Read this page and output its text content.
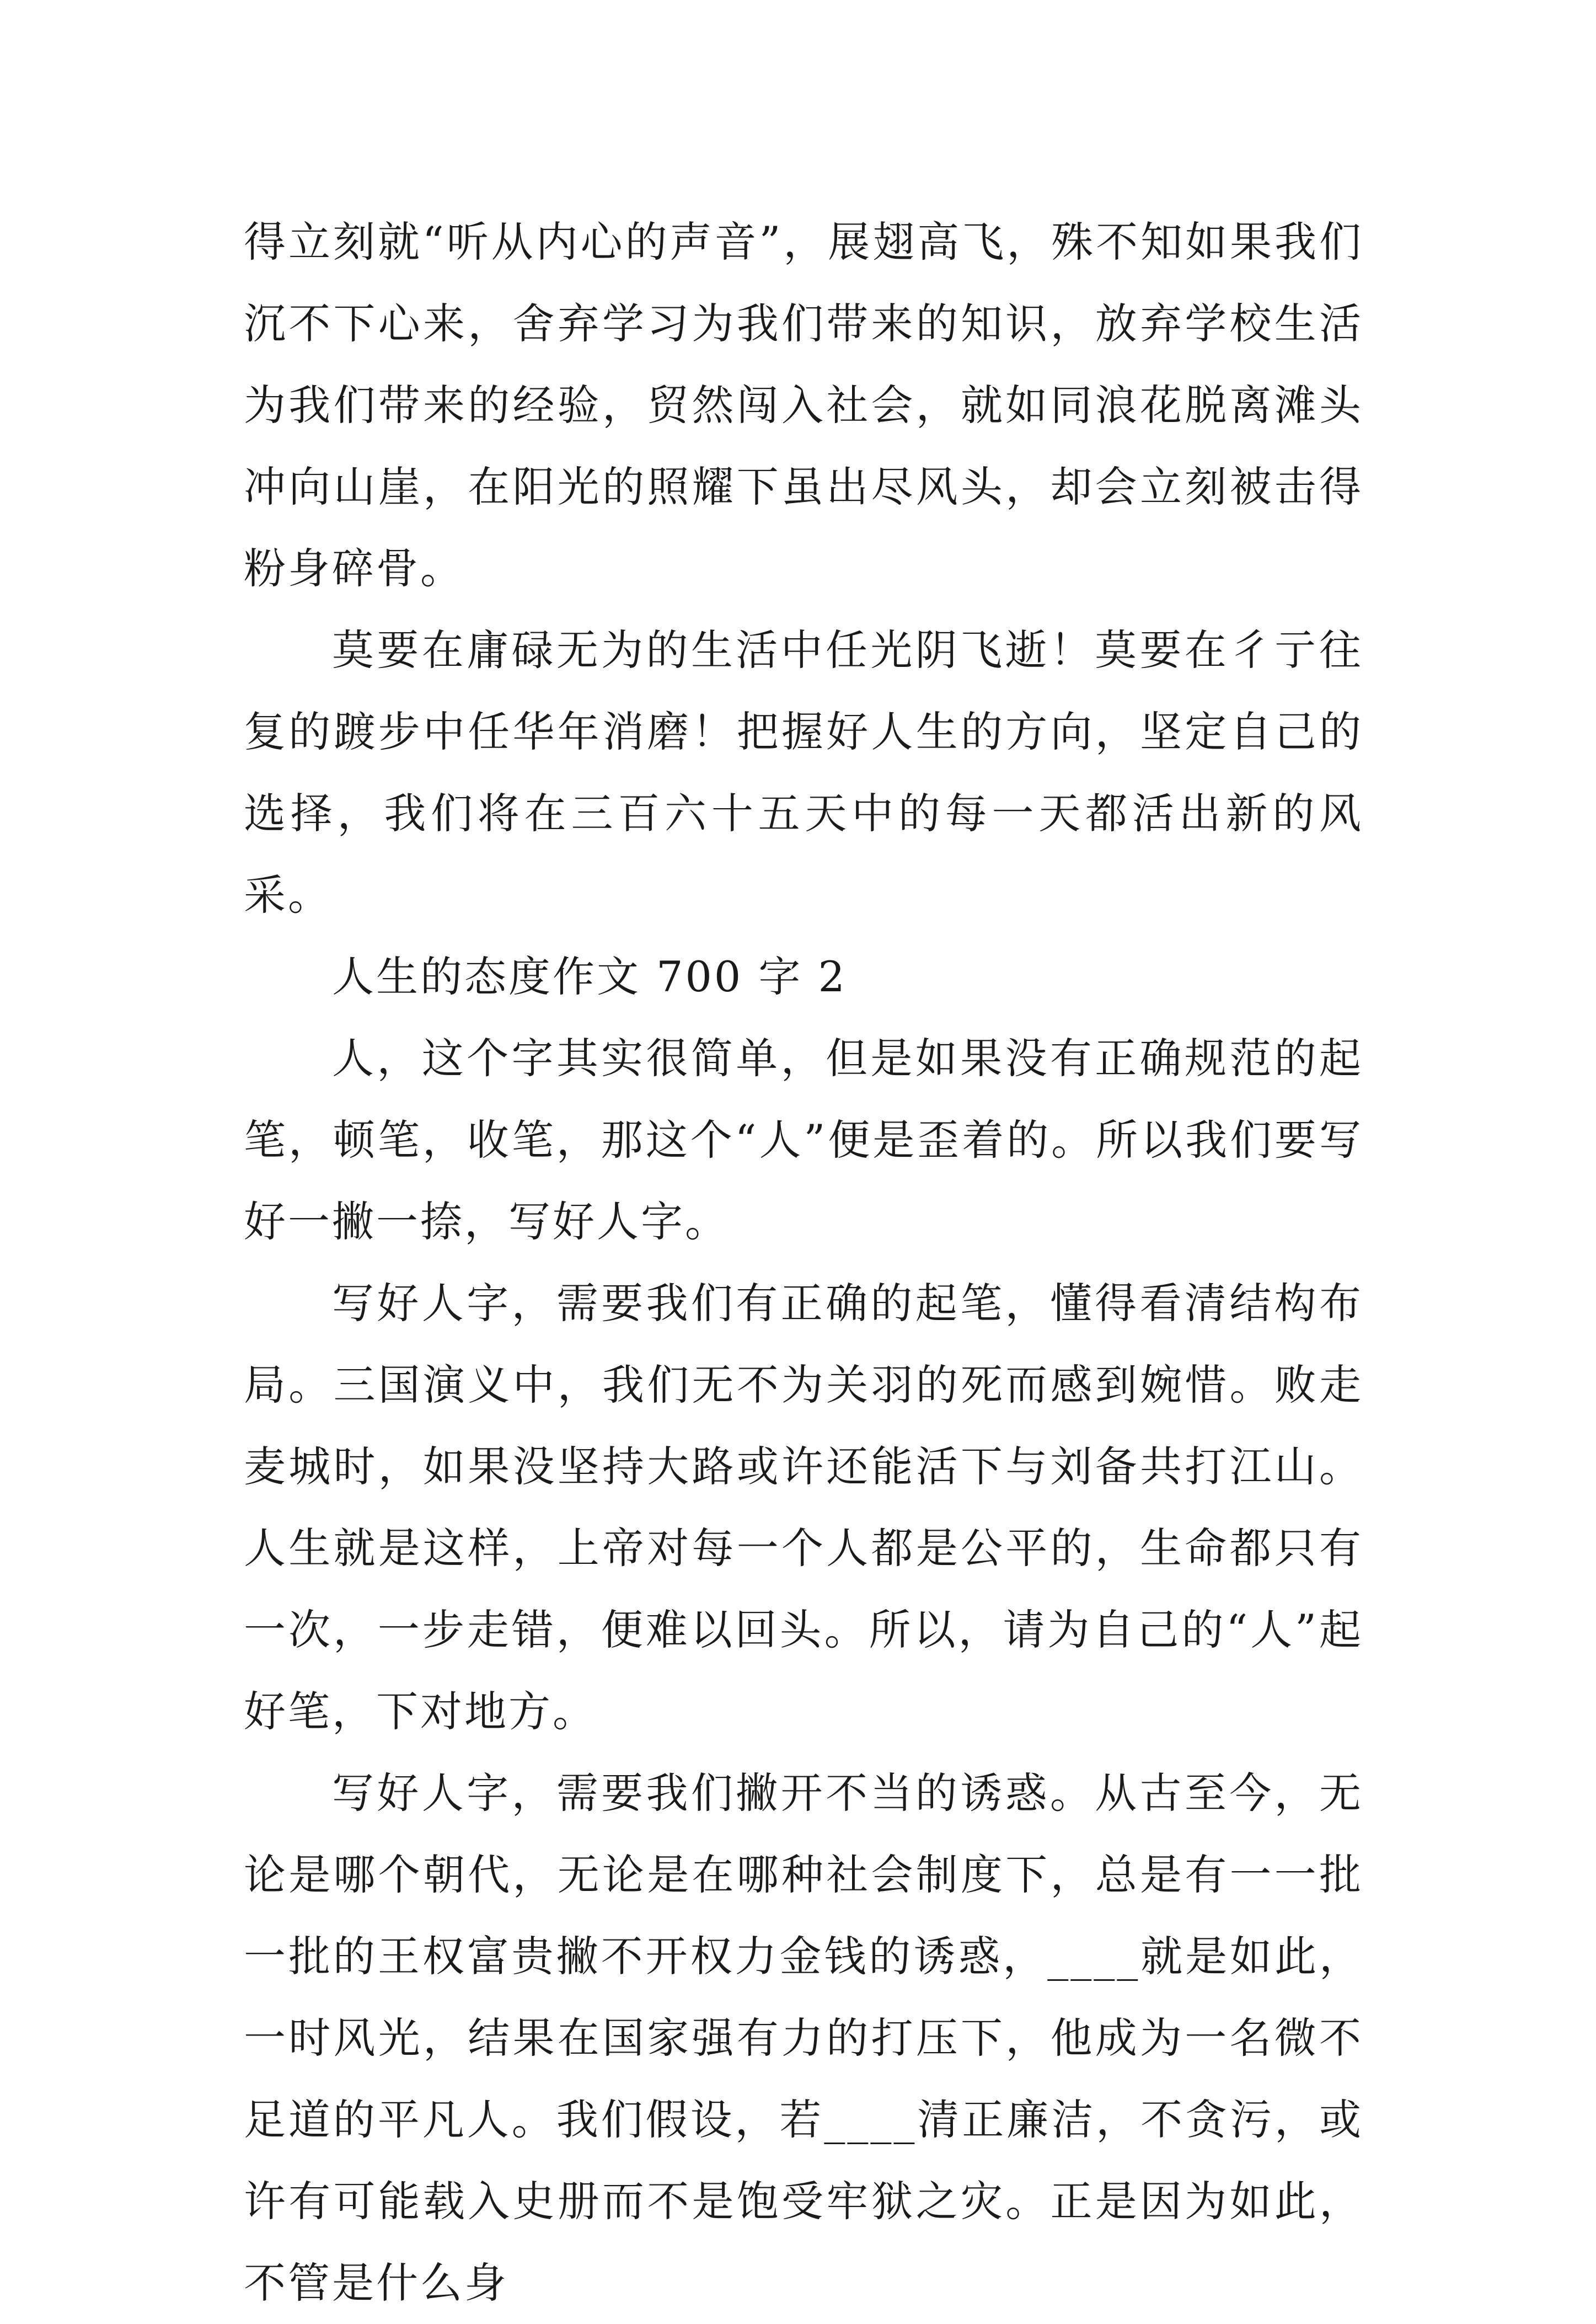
得立刻就“听从内心的声音”，展翅高飞，殊不知如果我们沉不下心来，舍弃学习为我们带来的知识，放弃学校生活为我们带来的经验，贸然闯入社会，就如同浪花脱离滩头冲向山崖，在阳光的照耀下虽出尽风头，却会立刻被击得粉身碎骨。

莫要在庸碌无为的生活中任光阴飞逝！莫要在彳亍往复的踱步中任华年消磨！把握好人生的方向，坚定自己的选择，我们将在三百六十五天中的每一天都活出新的风采。

人生的态度作文 700 字 2

人，这个字其实很简单，但是如果没有正确规范的起笔，顿笔，收笔，那这个“人”便是歪着的。所以我们要写好一撇一捺，写好人字。

写好人字，需要我们有正确的起笔，懂得看清结构布局。三国演义中，我们无不为关羽的死而感到婉惜。败走麦城时，如果没坚持大路或许还能活下与刘备共打江山。人生就是这样，上帝对每一个人都是公平的，生命都只有一次，一步走错，便难以回头。所以，请为自己的“人”起好笔，下对地方。

写好人字，需要我们撇开不当的诱惑。从古至今，无论是哪个朝代，无论是在哪种社会制度下，总是有一一批一批的王权富贵撇不开权力金钱的诱惑，____就是如此，一时风光，结果在国家强有力的打压下，他成为一名微不足道的平凡人。我们假设，若____清正廉洁，不贪污，或许有可能载入史册而不是饱受牢狱之灾。正是因为如此，不管是什么身
